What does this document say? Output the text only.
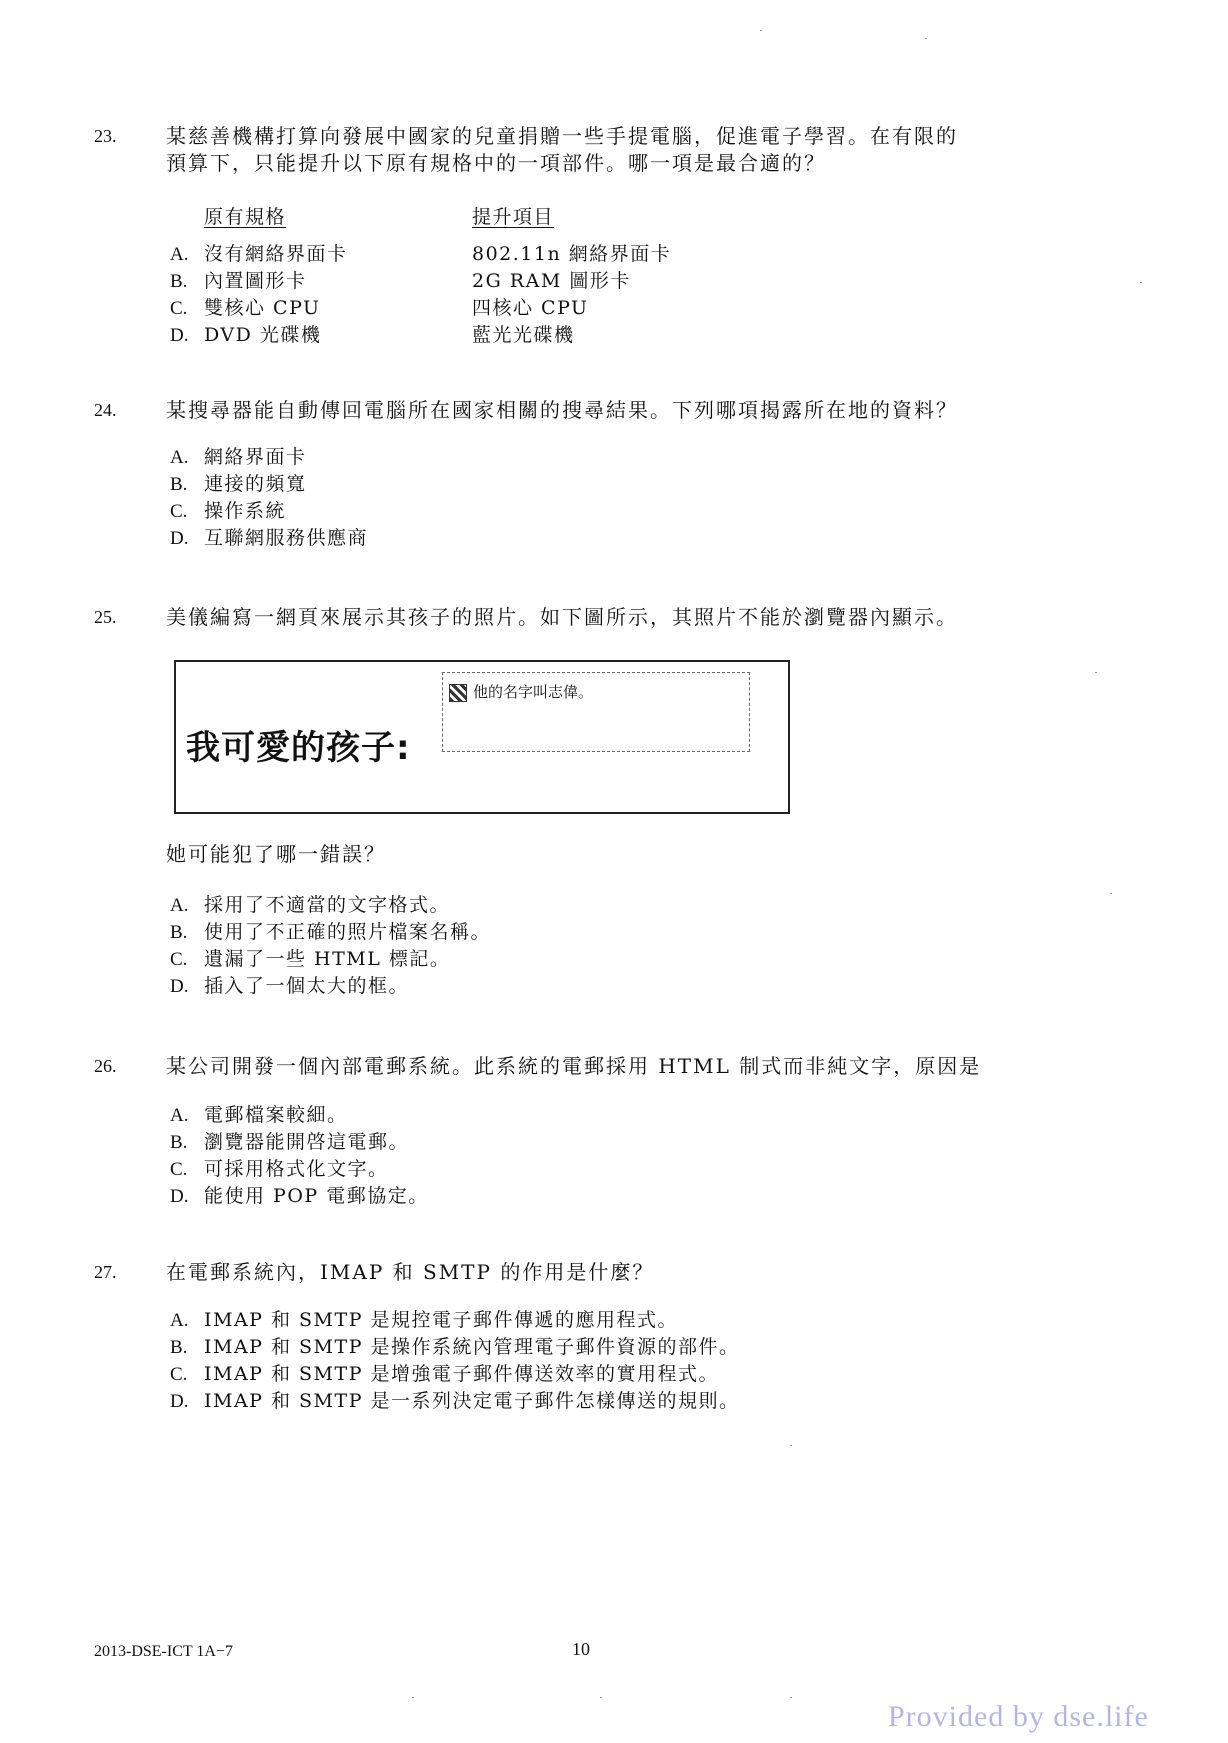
23. 某慈善機構打算向發展中國家的兒童捐贈一些手提電腦，促進電子學習。在有限的
預算下，只能提升以下原有規格中的一項部件。哪一項是最合適的？
原有規格	提升項目
A. 沒有網絡界面卡	802.11n 網絡界面卡
B. 內置圖形卡	2G RAM 圖形卡
C. 雙核心 CPU	四核心 CPU
D. DVD 光碟機	藍光光碟機
24. 某搜尋器能自動傳回電腦所在國家相關的搜尋結果。下列哪項揭露所在地的資料？
A. 網絡界面卡
B. 連接的頻寬
C. 操作系統
D. 互聯網服務供應商
25. 美儀編寫一網頁來展示其孩子的照片。如下圖所示，其照片不能於瀏覽器內顯示。
我可愛的孩子:
他的名字叫志偉。
她可能犯了哪一錯誤？
A. 採用了不適當的文字格式。
B. 使用了不正確的照片檔案名稱。
C. 遺漏了一些 HTML 標記。
D. 插入了一個太大的框。
26. 某公司開發一個內部電郵系統。此系統的電郵採用 HTML 制式而非純文字，原因是
A. 電郵檔案較細。
B. 瀏覽器能開啓這電郵。
C. 可採用格式化文字。
D. 能使用 POP 電郵協定。
27. 在電郵系統內，IMAP 和 SMTP 的作用是什麼？
A. IMAP 和 SMTP 是規控電子郵件傳遞的應用程式。
B. IMAP 和 SMTP 是操作系統內管理電子郵件資源的部件。
C. IMAP 和 SMTP 是增強電子郵件傳送效率的實用程式。
D. IMAP 和 SMTP 是一系列決定電子郵件怎樣傳送的規則。
2013-DSE-ICT 1A−7	10
Provided by dse.life
